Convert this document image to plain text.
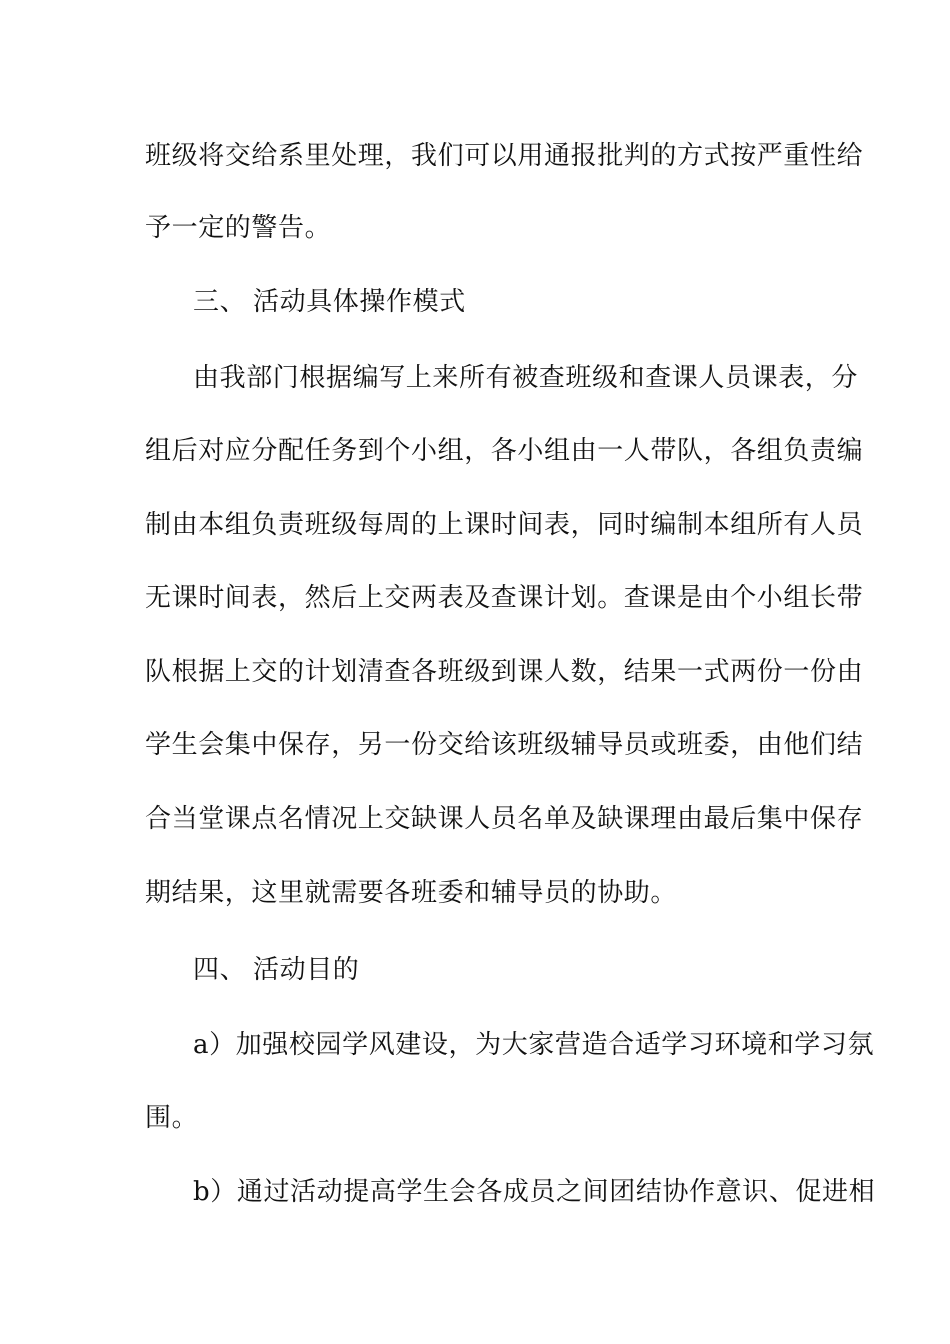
班级将交给系里处理，我们可以用通报批判的方式按严重性给
予一定的警告。
三、 活动具体操作模式
由我部门根据编写上来所有被查班级和查课人员课表，分
组后对应分配任务到个小组，各小组由一人带队，各组负责编
制由本组负责班级每周的上课时间表，同时编制本组所有人员
无课时间表，然后上交两表及查课计划。查课是由个小组长带
队根据上交的计划清查各班级到课人数，结果一式两份一份由
学生会集中保存，另一份交给该班级辅导员或班委，由他们结
合当堂课点名情况上交缺课人员名单及缺课理由最后集中保存
期结果，这里就需要各班委和辅导员的协助。
四、 活动目的
a）加强校园学风建设，为大家营造合适学习环境和学习氛
围。
b）通过活动提高学生会各成员之间团结协作意识、促进相
